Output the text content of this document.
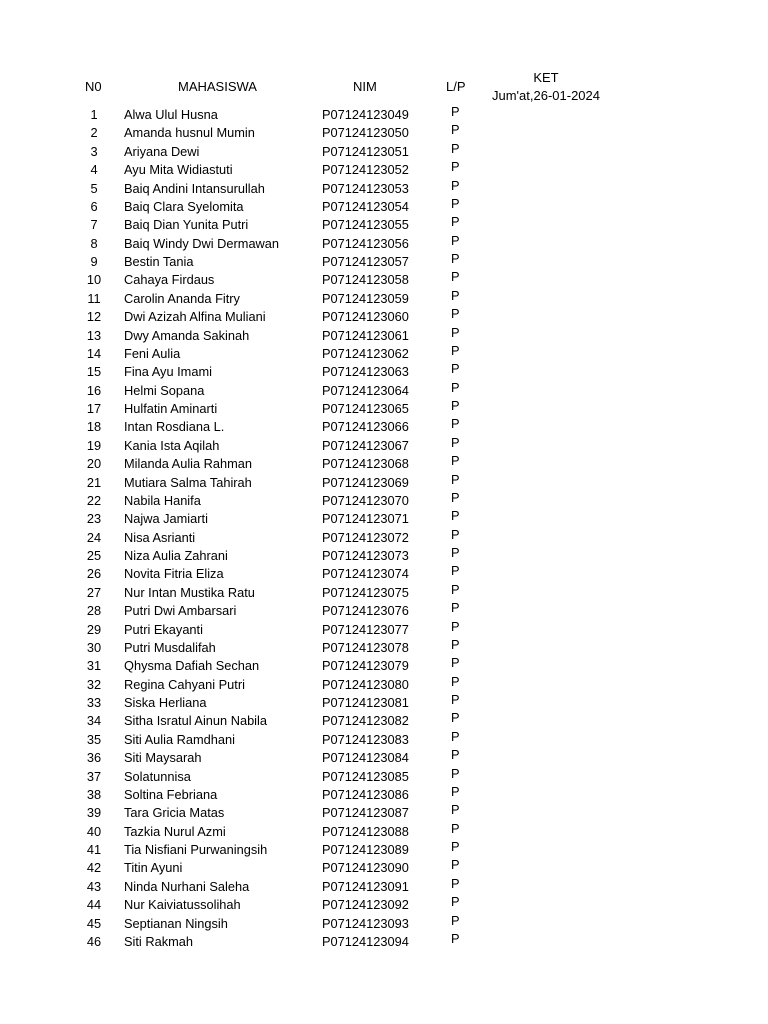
N0	MAHASISWA	NIM	L/P
KET
Jum'at,26-01-2024
1	Alwa Ulul Husna	P07124123049	P
2	Amanda husnul Mumin	P07124123050	P
3	Ariyana Dewi	P07124123051	P
4	Ayu Mita Widiastuti	P07124123052	P
5	Baiq Andini Intansurullah	P07124123053	P
6	Baiq Clara Syelomita	P07124123054	P
7	Baiq Dian Yunita Putri	P07124123055	P
8	Baiq Windy Dwi Dermawan	P07124123056	P
9	Bestin Tania	P07124123057	P
10 Cahaya Firdaus	P07124123058	P
11 Carolin Ananda Fitry	P07124123059	P
12 Dwi Azizah Alfina Muliani	P07124123060	P
13 Dwy Amanda Sakinah	P07124123061	P
14 Feni Aulia	P07124123062	P
15 Fina Ayu Imami	P07124123063	P
16 Helmi Sopana	P07124123064	P
17 Hulfatin Aminarti	P07124123065	P
18 Intan Rosdiana L.	P07124123066	P
19 Kania Ista Aqilah	P07124123067	P
20 Milanda Aulia Rahman	P07124123068	P
21 Mutiara Salma Tahirah	P07124123069	P
22 Nabila Hanifa	P07124123070	P
23 Najwa Jamiarti	P07124123071	P
24 Nisa Asrianti	P07124123072	P
25 Niza Aulia Zahrani	P07124123073	P
26 Novita Fitria Eliza	P07124123074	P
27 Nur Intan Mustika Ratu	P07124123075	P
28 Putri Dwi Ambarsari	P07124123076	P
29 Putri Ekayanti	P07124123077	P
30 Putri Musdalifah	P07124123078	P
31 Qhysma Dafiah Sechan	P07124123079	P
32 Regina Cahyani Putri	P07124123080	P
33 Siska Herliana	P07124123081	P
34 Sitha Isratul Ainun Nabila	P07124123082	P
35 Siti Aulia Ramdhani	P07124123083	P
36 Siti Maysarah	P07124123084	P
37 Solatunnisa	P07124123085	P
38 Soltina Febriana	P07124123086	P
39 Tara Gricia Matas	P07124123087	P
40 Tazkia Nurul Azmi	P07124123088	P
41 Tia Nisfiani Purwaningsih	P07124123089	P
42 Titin Ayuni	P07124123090	P
43 Ninda Nurhani Saleha	P07124123091	P
44 Nur Kaiviatussolihah	P07124123092	P
45 Septianan Ningsih	P07124123093	P
46 Siti Rakmah	P07124123094	P
